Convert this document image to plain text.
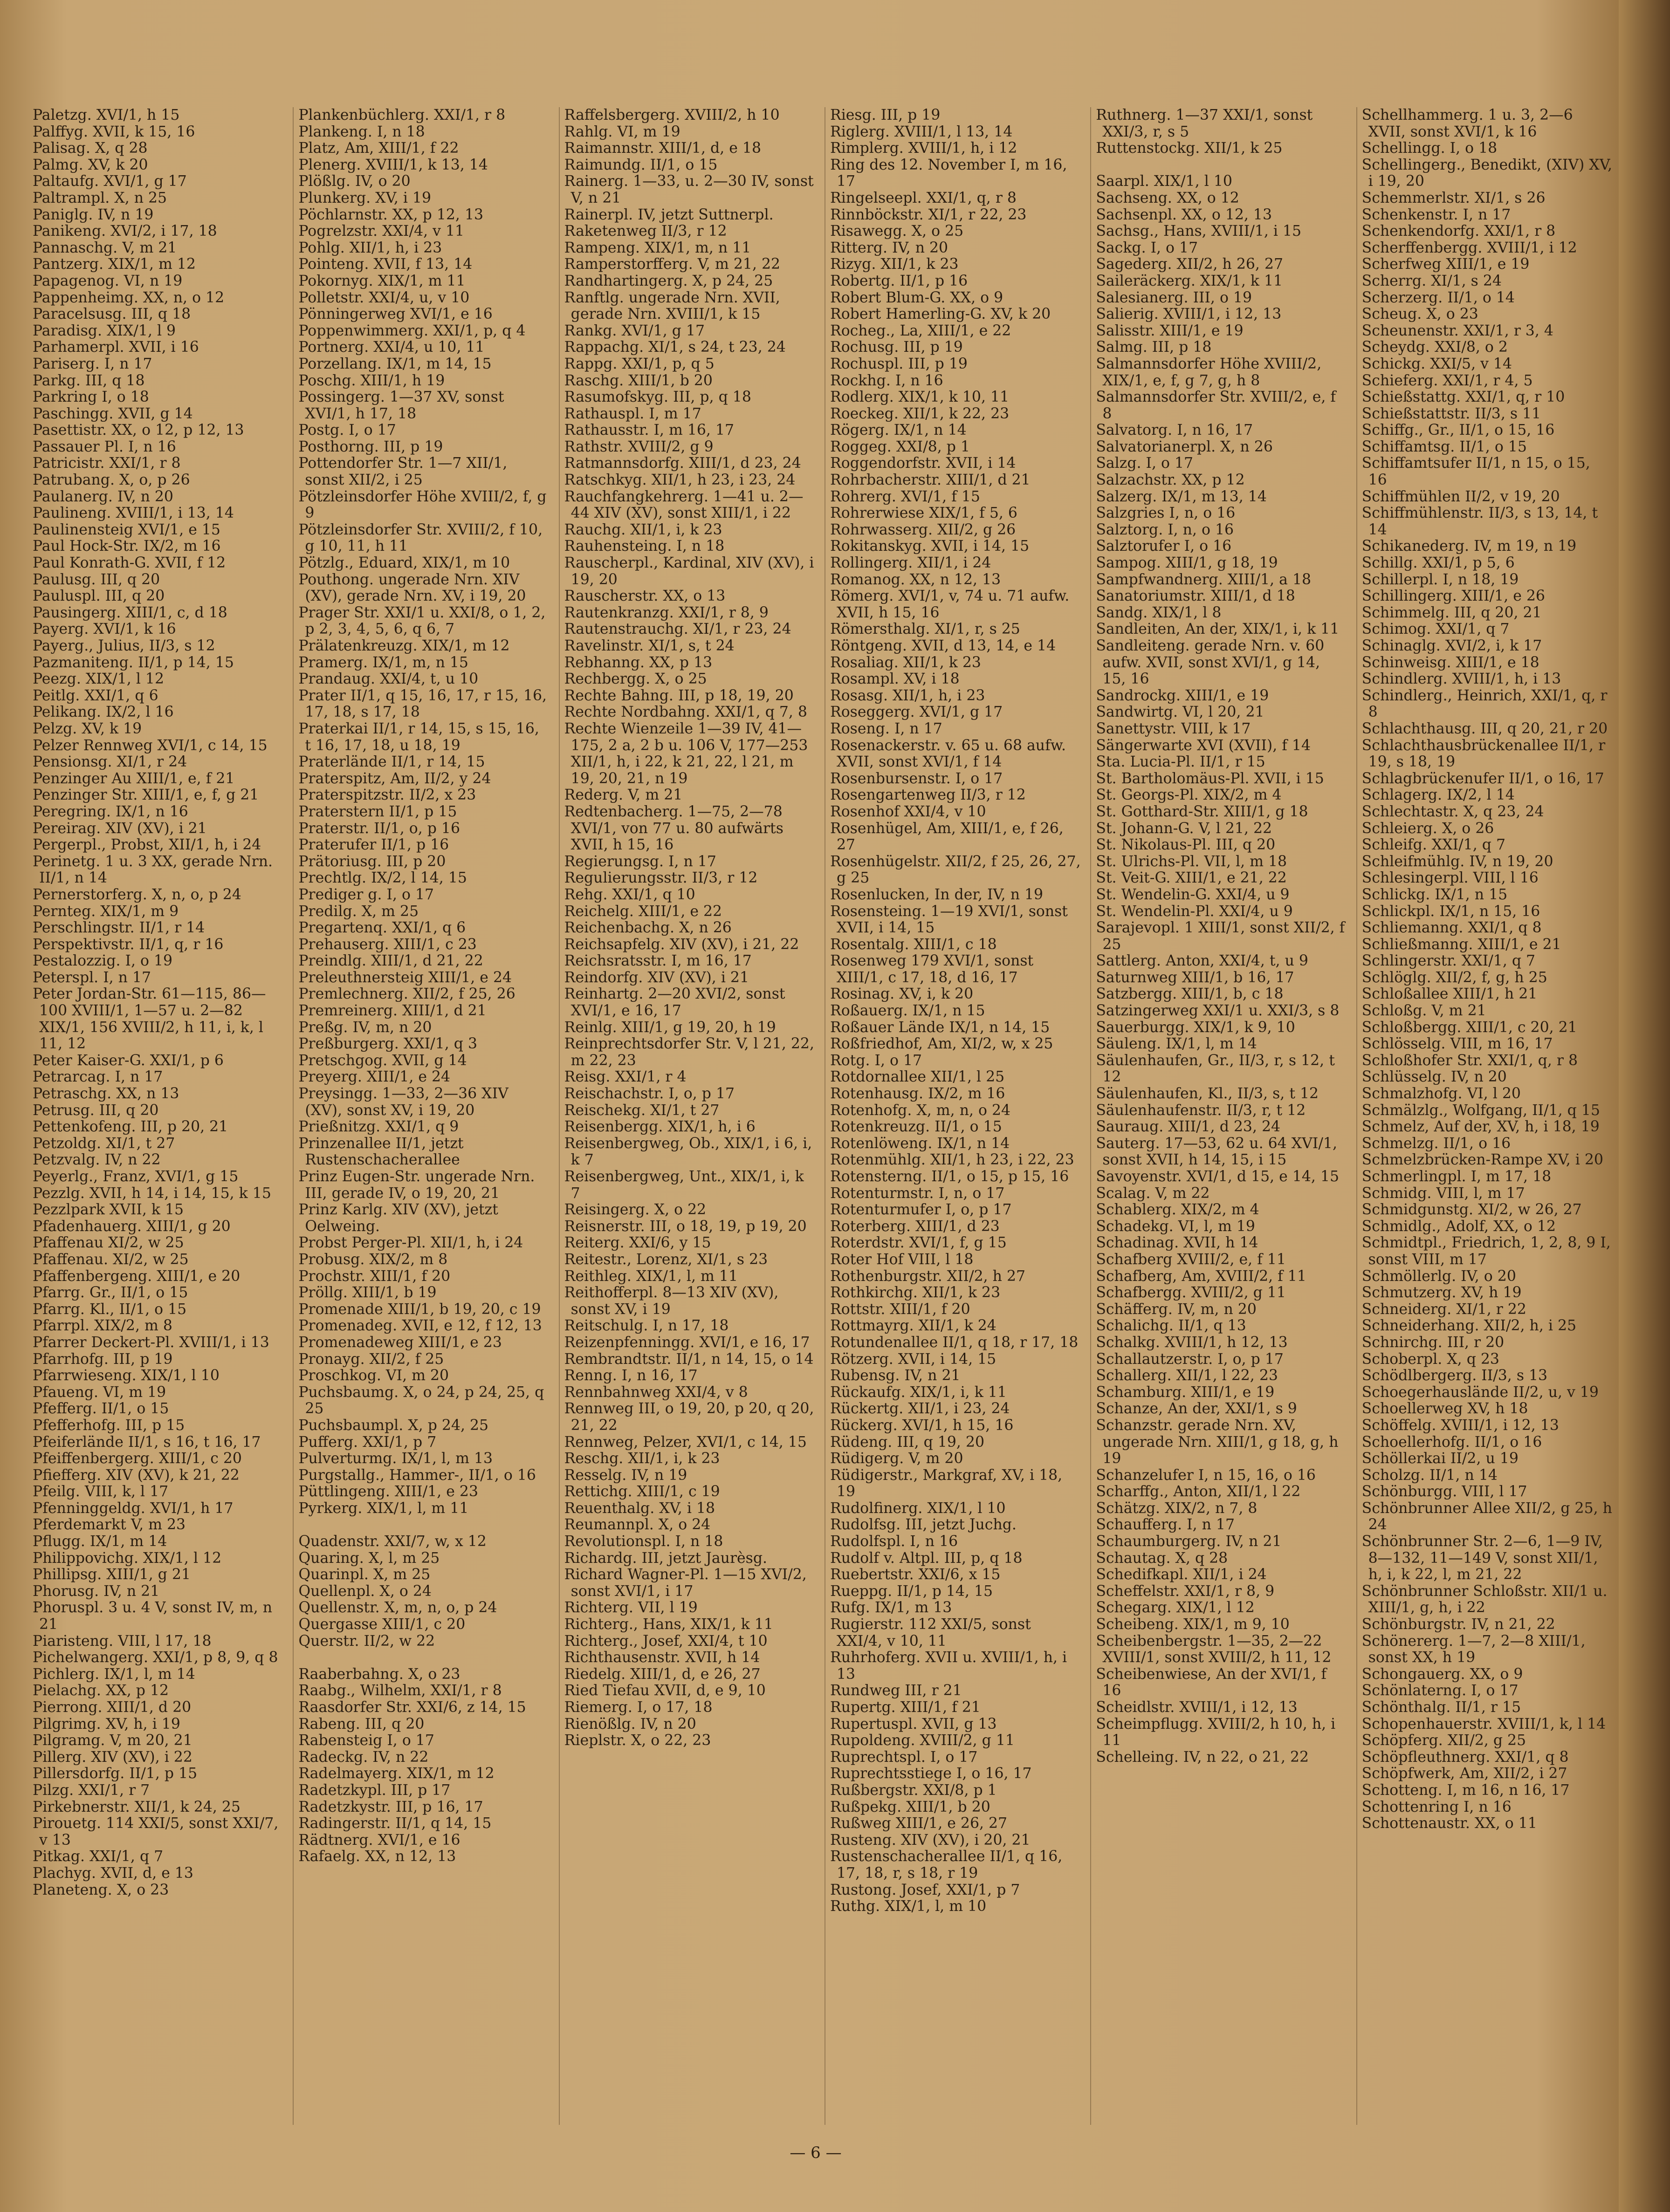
Paletzg. XVI/1, h 15
Palffyg. XVII, k 15, 16
Palisag. X, q 28
Palmg. XV, k 20
Paltaufg. XVI/1, g 17
Paltrampl. X, n 25
Paniglg. IV, n 19
Panikeng. XVI/2, i 17, 18
Pannaschg. V, m 21
Pantzerg. XIX/1, m 12
Papagenog. VI, n 19
Pappenheimg. XX, n, o 12
Paracelsusg. III, q 18
Paradisg. XIX/1, l 9
Parhamerpl. XVII, i 16
Pariserg. I, n 17
Parkg. III, q 18
Parkring I, o 18
Paschingg. XVII, g 14
Pasettistr. XX, o 12, p 12, 13
Passauer Pl. I, n 16
Patricistr. XXI/1, r 8
Patrubang. X, o, p 26
Paulanerg. IV, n 20
Paulineng. XVIII/1, i 13, 14
Paulinensteig XVI/1, e 15
Paul Hock-Str. IX/2, m 16
Paul Konrath-G. XVII, f 12
Paulusg. III, q 20
Pauluspl. III, q 20
Pausingerg. XIII/1, c, d 18
Payerg. XVI/1, k 16
Payerg., Julius, II/3, s 12
Pazmaniteng. II/1, p 14, 15
Peezg. XIX/1, l 12
Peitlg. XXI/1, q 6
Pelikang. IX/2, l 16
Pelzg. XV, k 19
Pelzer Rennweg XVI/1, c 14, 15
Pensionsg. XI/1, r 24
Penzinger Au XIII/1, e, f 21
Penzinger Str. XIII/1, e, f, g 21
Peregring. IX/1, n 16
Pereirag. XIV (XV), i 21
Pergerpl., Probst, XII/1, h, i 24
Perinetg. 1 u. 3 XX, gerade Nrn. II/1, n 14
Pernerstorferg. X, n, o, p 24
Pernteg. XIX/1, m 9
Perschlingstr. II/1, r 14
Perspektivstr. II/1, q, r 16
Pestalozzig. I, o 19
Peterspl. I, n 17
Peter Jordan-Str. 61—115, 86—100 XVIII/1, 1—57 u. 2—82 XIX/1, 156 XVIII/2, h 11, i, k, l 11, 12
Peter Kaiser-G. XXI/1, p 6
Petrarcag. I, n 17
Petraschg. XX, n 13
Petrusg. III, q 20
Pettenkofeng. III, p 20, 21
Petzoldg. XI/1, t 27
Petzvalg. IV, n 22
Peyerlg., Franz, XVI/1, g 15
Pezzlg. XVII, h 14, i 14, 15, k 15
Pezzlpark XVII, k 15
Pfadenhauerg. XIII/1, g 20
Pfaffenau XI/2, w 25
Pfaffenau. XI/2, w 25
Pfaffenbergeng. XIII/1, e 20
Pfarrg. Gr., II/1, o 15
Pfarrg. Kl., II/1, o 15
Pfarrpl. XIX/2, m 8
Pfarrer Deckert-Pl. XVIII/1, i 13
Pfarrhofg. III, p 19
Pfarrwieseng. XIX/1, l 10
Pfaueng. VI, m 19
Pfefferg. II/1, o 15
Pfefferhofg. III, p 15
Pfeiferlände II/1, s 16, t 16, 17
Pfeiffenbergerg. XIII/1, c 20
Pfiefferg. XIV (XV), k 21, 22
Pfeilg. VIII, k, l 17
Pfenninggeldg. XVI/1, h 17
Pferdemarkt V, m 23
Pflugg. IX/1, m 14
Philippovichg. XIX/1, l 12
Phillipsg. XIII/1, g 21
Phorusg. IV, n 21
Phoruspl. 3 u. 4 V, sonst IV, m, n 21
Piaristeng. VIII, l 17, 18
Pichelwangerg. XXI/1, p 8, 9, q 8
Pichlerg. IX/1, l, m 14
Pielachg. XX, p 12
Pierrong. XIII/1, d 20
Pilgrimg. XV, h, i 19
Pilgramg. V, m 20, 21
Pillerg. XIV (XV), i 22
Pillersdorfg. II/1, p 15
Pilzg. XXI/1, r 7
Pirkebnerstr. XII/1, k 24, 25
Pirouetg. 114 XXI/5, sonst XXI/7, v 13
Pitkag. XXI/1, q 7
Plachyg. XVII, d, e 13
Planeteng. X, o 23
Plankenbüchlerg. XXI/1, r 8
Plankeng. I, n 18
Platz, Am, XIII/1, f 22
Plenerg. XVIII/1, k 13, 14
Plößlg. IV, o 20
Plunkerg. XV, i 19
Pöchlarnstr. XX, p 12, 13
Pogrelzstr. XXI/4, v 11
Pohlg. XII/1, h, i 23
Pointeng. XVII, f 13, 14
Pokornyg. XIX/1, m 11
Polletstr. XXI/4, u, v 10
Pönningerweg XVI/1, e 16
Poppenwimmerg. XXI/1, p, q 4
Portnerg. XXI/4, u 10, 11
Porzellang. IX/1, m 14, 15
Poschg. XIII/1, h 19
Possingerg. 1—37 XV, sonst XVI/1, h 17, 18
Postg. I, o 17
Posthorng. III, p 19
Pottendorfer Str. 1—7 XII/1, sonst XII/2, i 25
Pötzleinsdorfer Höhe XVIII/2, f, g 9
Pötzleinsdorfer Str. XVIII/2, f 10, g 10, 11, h 11
Pötzlg., Eduard, XIX/1, m 10
Pouthong. ungerade Nrn. XIV (XV), gerade Nrn. XV, i 19, 20
Prager Str. XXI/1 u. XXI/8, o 1, 2, p 2, 3, 4, 5, 6, q 6, 7
Prälatenkreuzg. XIX/1, m 12
Pramerg. IX/1, m, n 15
Prandaug. XXI/4, t, u 10
Prater II/1, q 15, 16, 17, r 15, 16, 17, 18, s 17, 18
Praterkai II/1, r 14, 15, s 15, 16, t 16, 17, 18, u 18, 19
Praterlände II/1, r 14, 15
Praterspitz, Am, II/2, y 24
Praterspitzstr. II/2, x 23
Praterstern II/1, p 15
Praterstr. II/1, o, p 16
Praterufer II/1, p 16
Prätoriusg. III, p 20
Prechtlg. IX/2, l 14, 15
Prediger g. I, o 17
Predilg. X, m 25
Pregartenq. XXI/1, q 6
Prehauserg. XIII/1, c 23
Preindlg. XIII/1, d 21, 22
Preleuthnersteig XIII/1, e 24
Premlechnerg. XII/2, f 25, 26
Premreinerg. XIII/1, d 21
Preßg. IV, m, n 20
Preßburgerg. XXI/1, q 3
Pretschgog. XVII, g 14
Preyerg. XIII/1, e 24
Preysingg. 1—33, 2—36 XIV (XV), sonst XV, i 19, 20
Prießnitzg. XXI/1, q 9
Prinzenallee II/1, jetzt Rustenschacherallee
Prinz Eugen-Str. ungerade Nrn. III, gerade IV, o 19, 20, 21
Prinz Karlg. XIV (XV), jetzt Oelweing.
Probst Perger-Pl. XII/1, h, i 24
Probusg. XIX/2, m 8
Prochstr. XIII/1, f 20
Pröllg. XIII/1, b 19
Promenade XIII/1, b 19, 20, c 19
Promenadeg. XVII, e 12, f 12, 13
Promenadeweg XIII/1, e 23
Pronayg. XII/2, f 25
Proschkog. VI, m 20
Puchsbaumg. X, o 24, p 24, 25, q 25
Puchsbaumpl. X, p 24, 25
Pufferg. XXI/1, p 7
Pulverturmg. IX/1, l, m 13
Purgstallg., Hammer-, II/1, o 16
Püttlingeng. XIII/1, e 23
Pyrkerg. XIX/1, l, m 11
Quadenstr. XXI/7, w, x 12
Quaring. X, l, m 25
Quarinpl. X, m 25
Quellenpl. X, o 24
Quellenstr. X, m, n, o, p 24
Quergasse XIII/1, c 20
Querstr. II/2, w 22
Raaberbahng. X, o 23
Raabg., Wilhelm, XXI/1, r 8
Raasdorfer Str. XXI/6, z 14, 15
Rabeng. III, q 20
Rabensteig I, o 17
Radeckg. IV, n 22
Radelmayerg. XIX/1, m 12
Radetzkypl. III, p 17
Radetzkystr. III, p 16, 17
Radingerstr. II/1, q 14, 15
Rädtnerg. XVI/1, e 16
Rafaelg. XX, n 12, 13
Raffelsbergerg. XVIII/2, h 10
Rahlg. VI, m 19
Raimannstr. XIII/1, d, e 18
Raimundg. II/1, o 15
Rainerg. 1—33, u. 2—30 IV, sonst V, n 21
Rainerpl. IV, jetzt Suttnerpl.
Raketenweg II/3, r 12
Rampeng. XIX/1, m, n 11
Ramperstorfferg. V, m 21, 22
Randhartingerg. X, p 24, 25
Ranftlg. ungerade Nrn. XVII, gerade Nrn. XVIII/1, k 15
Rankg. XVI/1, g 17
Rappachg. XI/1, s 24, t 23, 24
Rappg. XXI/1, p, q 5
Raschg. XIII/1, b 20
Rasumofskyg. III, p, q 18
Rathauspl. I, m 17
Rathausstr. I, m 16, 17
Rathstr. XVIII/2, g 9
Ratmannsdorfg. XIII/1, d 23, 24
Ratschkyg. XII/1, h 23, i 23, 24
Rauchfangkehrerg. 1—41 u. 2—44 XIV (XV), sonst XIII/1, i 22
Rauchg. XII/1, i, k 23
Rauhensteing. I, n 18
Rauscherpl., Kardinal, XIV (XV), i 19, 20
Rauscherstr. XX, o 13
Rautenkranzg. XXI/1, r 8, 9
Rautenstrauchg. XI/1, r 23, 24
Ravelinstr. XI/1, s, t 24
Rebhanng. XX, p 13
Rechbergg. X, o 25
Rechte Bahng. III, p 18, 19, 20
Rechte Nordbahng. XXI/1, q 7, 8
Rechte Wienzeile 1—39 IV, 41—175, 2 a, 2 b u. 106 V, 177—253 XII/1, h, i 22, k 21, 22, l 21, m 19, 20, 21, n 19
Rederg. V, m 21
Redtenbacherg. 1—75, 2—78 XVI/1, von 77 u. 80 aufwärts XVII, h 15, 16
Regierungsg. I, n 17
Regulierungsstr. II/3, r 12
Rehg. XXI/1, q 10
Reichelg. XIII/1, e 22
Reichenbachg. X, n 26
Reichsapfelg. XIV (XV), i 21, 22
Reichsratsstr. I, m 16, 17
Reindorfg. XIV (XV), i 21
Reinhartg. 2—20 XVI/2, sonst XVI/1, e 16, 17
Reinlg. XIII/1, g 19, 20, h 19
Reinprechtsdorfer Str. V, l 21, 22, m 22, 23
Reisg. XXI/1, r 4
Reischachstr. I, o, p 17
Reischekg. XI/1, t 27
Reisenbergg. XIX/1, h, i 6
Reisenbergweg, Ob., XIX/1, i 6, i, k 7
Reisenbergweg, Unt., XIX/1, i, k 7
Reisingerg. X, o 22
Reisnerstr. III, o 18, 19, p 19, 20
Reiterg. XXI/6, y 15
Reitestr., Lorenz, XI/1, s 23
Reithleg. XIX/1, l, m 11
Reithofferpl. 8—13 XIV (XV), sonst XV, i 19
Reitschulg. I, n 17, 18
Reizenpfenningg. XVI/1, e 16, 17
Rembrandtstr. II/1, n 14, 15, o 14
Renng. I, n 16, 17
Rennbahnweg XXI/4, v 8
Rennweg III, o 19, 20, p 20, q 20, 21, 22
Rennweg, Pelzer, XVI/1, c 14, 15
Reschg. XII/1, i, k 23
Resselg. IV, n 19
Rettichg. XIII/1, c 19
Reuenthalg. XV, i 18
Reumannpl. X, o 24
Revolutionspl. I, n 18
Richardg. III, jetzt Jaurèsg.
Richard Wagner-Pl. 1—15 XVI/2, sonst XVI/1, i 17
Richterg. VII, l 19
Richterg., Hans, XIX/1, k 11
Richterg., Josef, XXI/4, t 10
Richthausenstr. XVII, h 14
Riedelg. XIII/1, d, e 26, 27
Ried Tiefau XVII, d, e 9, 10
Riemerg. I, o 17, 18
Rienößlg. IV, n 20
Rieplstr. X, o 22, 23
Riesg. III, p 19
Riglerg. XVIII/1, l 13, 14
Rimplerg. XVIII/1, h, i 12
Ring des 12. November I, m 16, 17
Ringelseepl. XXI/1, q, r 8
Rinnböckstr. XI/1, r 22, 23
Risawegg. X, o 25
Ritterg. IV, n 20
Rizyg. XII/1, k 23
Robertg. II/1, p 16
Robert Blum-G. XX, o 9
Robert Hamerling-G. XV, k 20
Rocheg., La, XIII/1, e 22
Rochusg. III, p 19
Rochuspl. III, p 19
Rockhg. I, n 16
Rodlerg. XIX/1, k 10, 11
Roeckeg. XII/1, k 22, 23
Rögerg. IX/1, n 14
Roggeg. XXI/8, p 1
Roggendorfstr. XVII, i 14
Rohrbacherstr. XIII/1, d 21
Rohrerg. XVI/1, f 15
Rohrerwiese XIX/1, f 5, 6
Rohrwasserg. XII/2, g 26
Rokitanskyg. XVII, i 14, 15
Rollingerg. XII/1, i 24
Romanog. XX, n 12, 13
Römerg. XVI/1, v, 74 u. 71 aufw. XVII, h 15, 16
Römersthalg. XI/1, r, s 25
Röntgeng. XVII, d 13, 14, e 14
Rosaliag. XII/1, k 23
Rosampl. XV, i 18
Rosasg. XII/1, h, i 23
Roseggerg. XVI/1, g 17
Roseng. I, n 17
Rosenackerstr. v. 65 u. 68 aufw. XVII, sonst XVI/1, f 14
Rosenbursenstr. I, o 17
Rosengartenweg II/3, r 12
Rosenhof XXI/4, v 10
Rosenhügel, Am, XIII/1, e, f 26, 27
Rosenhügelstr. XII/2, f 25, 26, 27, g 25
Rosenlucken, In der, IV, n 19
Rosensteing. 1—19 XVI/1, sonst XVII, i 14, 15
Rosentalg. XIII/1, c 18
Rosenweg 179 XVI/1, sonst XIII/1, c 17, 18, d 16, 17
Rosinag. XV, i, k 20
Roßauerg. IX/1, n 15
Roßauer Lände IX/1, n 14, 15
Roßfriedhof, Am, XI/2, w, x 25
Rotg. I, o 17
Rotdornallee XII/1, l 25
Rotenhausg. IX/2, m 16
Rotenhofg. X, m, n, o 24
Rotenkreuzg. II/1, o 15
Rotenlöweng. IX/1, n 14
Rotenmühlg. XII/1, h 23, i 22, 23
Rotensterng. II/1, o 15, p 15, 16
Rotenturmstr. I, n, o 17
Rotenturmufer I, o, p 17
Roterberg. XIII/1, d 23
Roterdstr. XVI/1, f, g 15
Roter Hof VIII, l 18
Rothenburgstr. XII/2, h 27
Rothkirchg. XII/1, k 23
Rottstr. XIII/1, f 20
Rottmayrg. XII/1, k 24
Rotundenallee II/1, q 18, r 17, 18
Rötzerg. XVII, i 14, 15
Rubensg. IV, n 21
Rückaufg. XIX/1, i, k 11
Rückertg. XII/1, i 23, 24
Rückerg. XVI/1, h 15, 16
Rüdeng. III, q 19, 20
Rüdigerg. V, m 20
Rüdigerstr., Markgraf, XV, i 18, 19
Rudolfinerg. XIX/1, l 10
Rudolfsg. III, jetzt Juchg.
Rudolfspl. I, n 16
Rudolf v. Altpl. III, p, q 18
Ruebertstr. XXI/6, x 15
Rueppg. II/1, p 14, 15
Rufg. IX/1, m 13
Rugierstr. 112 XXI/5, sonst XXI/4, v 10, 11
Ruhrhoferg. XVII u. XVIII/1, h, i 13
Rundweg III, r 21
Rupertg. XIII/1, f 21
Rupertuspl. XVII, g 13
Rupoldeng. XVIII/2, g 11
Ruprechtspl. I, o 17
Ruprechtsstiege I, o 16, 17
Rußbergstr. XXI/8, p 1
Rußpekg. XIII/1, b 20
Rußweg XIII/1, e 26, 27
Rusteng. XIV (XV), i 20, 21
Rustenschacherallee II/1, q 16, 17, 18, r, s 18, r 19
Rustong. Josef, XXI/1, p 7
Ruthg. XIX/1, l, m 10
Ruthnerg. 1—37 XXI/1, sonst XXI/3, r, s 5
Ruttenstockg. XII/1, k 25
Saarpl. XIX/1, l 10
Sachseng. XX, o 12
Sachsenpl. XX, o 12, 13
Sachsg., Hans, XVIII/1, i 15
Sackg. I, o 17
Sagederg. XII/2, h 26, 27
Saileräckerg. XIX/1, k 11
Salesianerg. III, o 19
Salierig. XVIII/1, i 12, 13
Salisstr. XIII/1, e 19
Salmg. III, p 18
Salmannsdorfer Höhe XVIII/2, XIX/1, e, f, g 7, g, h 8
Salmannsdorfer Str. XVIII/2, e, f 8
Salvatorg. I, n 16, 17
Salvatorianerpl. X, n 26
Salzg. I, o 17
Salzachstr. XX, p 12
Salzerg. IX/1, m 13, 14
Salzgries I, n, o 16
Salztorg. I, n, o 16
Salztorufer I, o 16
Sampog. XIII/1, g 18, 19
Sampfwandnerg. XIII/1, a 18
Sanatoriumstr. XIII/1, d 18
Sandg. XIX/1, l 8
Sandleiten, An der, XIX/1, i, k 11
Sandleiteng. gerade Nrn. v. 60 aufw. XVII, sonst XVI/1, g 14, 15, 16
Sandrockg. XIII/1, e 19
Sandwirtg. VI, l 20, 21
Sanettystr. VIII, k 17
Sängerwarte XVI (XVII), f 14
Sta. Lucia-Pl. II/1, r 15
St. Bartholomäus-Pl. XVII, i 15
St. Georgs-Pl. XIX/2, m 4
St. Gotthard-Str. XIII/1, g 18
St. Johann-G. V, l 21, 22
St. Nikolaus-Pl. III, q 20
St. Ulrichs-Pl. VII, l, m 18
St. Veit-G. XIII/1, e 21, 22
St. Wendelin-G. XXI/4, u 9
St. Wendelin-Pl. XXI/4, u 9
Sarajevopl. 1 XIII/1, sonst XII/2, f 25
Sattlerg. Anton, XXI/4, t, u 9
Saturnweg XIII/1, b 16, 17
Satzbergg. XIII/1, b, c 18
Satzingerweg XXI/1 u. XXI/3, s 8
Sauerburgg. XIX/1, k 9, 10
Säuleng. IX/1, l, m 14
Säulenhaufen, Gr., II/3, r, s 12, t 12
Säulenhaufen, Kl., II/3, s, t 12
Säulenhaufenstr. II/3, r, t 12
Sauraug. XIII/1, d 23, 24
Sauterg. 17—53, 62 u. 64 XVI/1, sonst XVII, h 14, 15, i 15
Savoyenstr. XVI/1, d 15, e 14, 15
Scalag. V, m 22
Schablerg. XIX/2, m 4
Schadekg. VI, l, m 19
Schadinag. XVII, h 14
Schafberg XVIII/2, e, f 11
Schafberg, Am, XVIII/2, f 11
Schafbergg. XVIII/2, g 11
Schäfferg. IV, m, n 20
Schalichg. II/1, q 13
Schalkg. XVIII/1, h 12, 13
Schallautzerstr. I, o, p 17
Schallerg. XII/1, l 22, 23
Schamburg. XIII/1, e 19
Schanze, An der, XXI/1, s 9
Schanzstr. gerade Nrn. XV, ungerade Nrn. XIII/1, g 18, g, h 19
Schanzelufer I, n 15, 16, o 16
Scharffg., Anton, XII/1, l 22
Schätzg. XIX/2, n 7, 8
Schaufferg. I, n 17
Schaumburgerg. IV, n 21
Schautag. X, q 28
Schedifkapl. XII/1, i 24
Scheffelstr. XXI/1, r 8, 9
Schegarg. XIX/1, l 12
Scheibeng. XIX/1, m 9, 10
Scheibenbergstr. 1—35, 2—22 XVIII/1, sonst XVIII/2, h 11, 12
Scheibenwiese, An der XVI/1, f 16
Scheidlstr. XVIII/1, i 12, 13
Scheimpflugg. XVIII/2, h 10, h, i 11
Schelleing. IV, n 22, o 21, 22
Schellhammerg. 1 u. 3, 2—6 XVII, sonst XVI/1, k 16
Schellingg. I, o 18
Schellingerg., Benedikt, (XIV) XV, i 19, 20
Schemmerlstr. XI/1, s 26
Schenkenstr. I, n 17
Schenkendorfg. XXI/1, r 8
Scherffenbergg. XVIII/1, i 12
Scherfweg XIII/1, e 19
Scherrg. XI/1, s 24
Scherzerg. II/1, o 14
Scheug. X, o 23
Scheunenstr. XXI/1, r 3, 4
Scheydg. XXI/8, o 2
Schickg. XXI/5, v 14
Schieferg. XXI/1, r 4, 5
Schießstattg. XXI/1, q, r 10
Schießstattstr. II/3, s 11
Schiffg., Gr., II/1, o 15, 16
Schiffamtsg. II/1, o 15
Schiffamtsufer II/1, n 15, o 15, 16
Schiffmühlen II/2, v 19, 20
Schiffmühlenstr. II/3, s 13, 14, t 14
Schikanederg. IV, m 19, n 19
Schillg. XXI/1, p 5, 6
Schillerpl. I, n 18, 19
Schillingerg. XIII/1, e 26
Schimmelg. III, q 20, 21
Schimog. XXI/1, q 7
Schinaglg. XVI/2, i, k 17
Schinweisg. XIII/1, e 18
Schindlerg. XVIII/1, h, i 13
Schindlerg., Heinrich, XXI/1, q, r 8
Schlachthausg. III, q 20, 21, r 20
Schlachthausbrückenallee II/1, r 19, s 18, 19
Schlagbrückenufer II/1, o 16, 17
Schlagerg. IX/2, l 14
Schlechtastr. X, q 23, 24
Schleierg. X, o 26
Schleifg. XXI/1, q 7
Schleifmühlg. IV, n 19, 20
Schlesingerpl. VIII, l 16
Schlickg. IX/1, n 15
Schlickpl. IX/1, n 15, 16
Schliemanng. XXI/1, q 8
Schließmanng. XIII/1, e 21
Schlingerstr. XXI/1, q 7
Schlöglg. XII/2, f, g, h 25
Schloßallee XIII/1, h 21
Schloßg. V, m 21
Schloßbergg. XIII/1, c 20, 21
Schlösselg. VIII, m 16, 17
Schloßhofer Str. XXI/1, q, r 8
Schlüsselg. IV, n 20
Schmalzhofg. VI, l 20
Schmälzlg., Wolfgang, II/1, q 15
Schmelz, Auf der, XV, h, i 18, 19
Schmelzg. II/1, o 16
Schmelzbrücken-Rampe XV, i 20
Schmerlingpl. I, m 17, 18
Schmidg. VIII, l, m 17
Schmidgunstg. XI/2, w 26, 27
Schmidlg., Adolf, XX, o 12
Schmidtpl., Friedrich, 1, 2, 8, 9 I, sonst VIII, m 17
Schmöllerlg. IV, o 20
Schmutzerg. XV, h 19
Schneiderg. XI/1, r 22
Schneiderhang. XII/2, h, i 25
Schnirchg. III, r 20
Schoberpl. X, q 23
Schödlbergerg. II/3, s 13
Schoegerhauslände II/2, u, v 19
Schoellerweg XV, h 18
Schöffelg. XVIII/1, i 12, 13
Schoellerhofg. II/1, o 16
Schöllerkai II/2, u 19
Scholzg. II/1, n 14
Schönburgg. VIII, l 17
Schönbrunner Allee XII/2, g 25, h 24
Schönbrunner Str. 2—6, 1—9 IV, 8—132, 11—149 V, sonst XII/1, h, i, k 22, l, m 21, 22
Schönbrunner Schloßstr. XII/1 u. XIII/1, g, h, i 22
Schönburgstr. IV, n 21, 22
Schönererg. 1—7, 2—8 XIII/1, sonst XX, h 19
Schongauerg. XX, o 9
Schönlaterng. I, o 17
Schönthalg. II/1, r 15
Schopenhauerstr. XVIII/1, k, l 14
Schöpferg. XII/2, g 25
Schöpfleuthnerg. XXI/1, q 8
Schöpfwerk, Am, XII/2, i 27
Schotteng. I, m 16, n 16, 17
Schottenring I, n 16
Schottenaustr. XX, o 11
— 6 —
